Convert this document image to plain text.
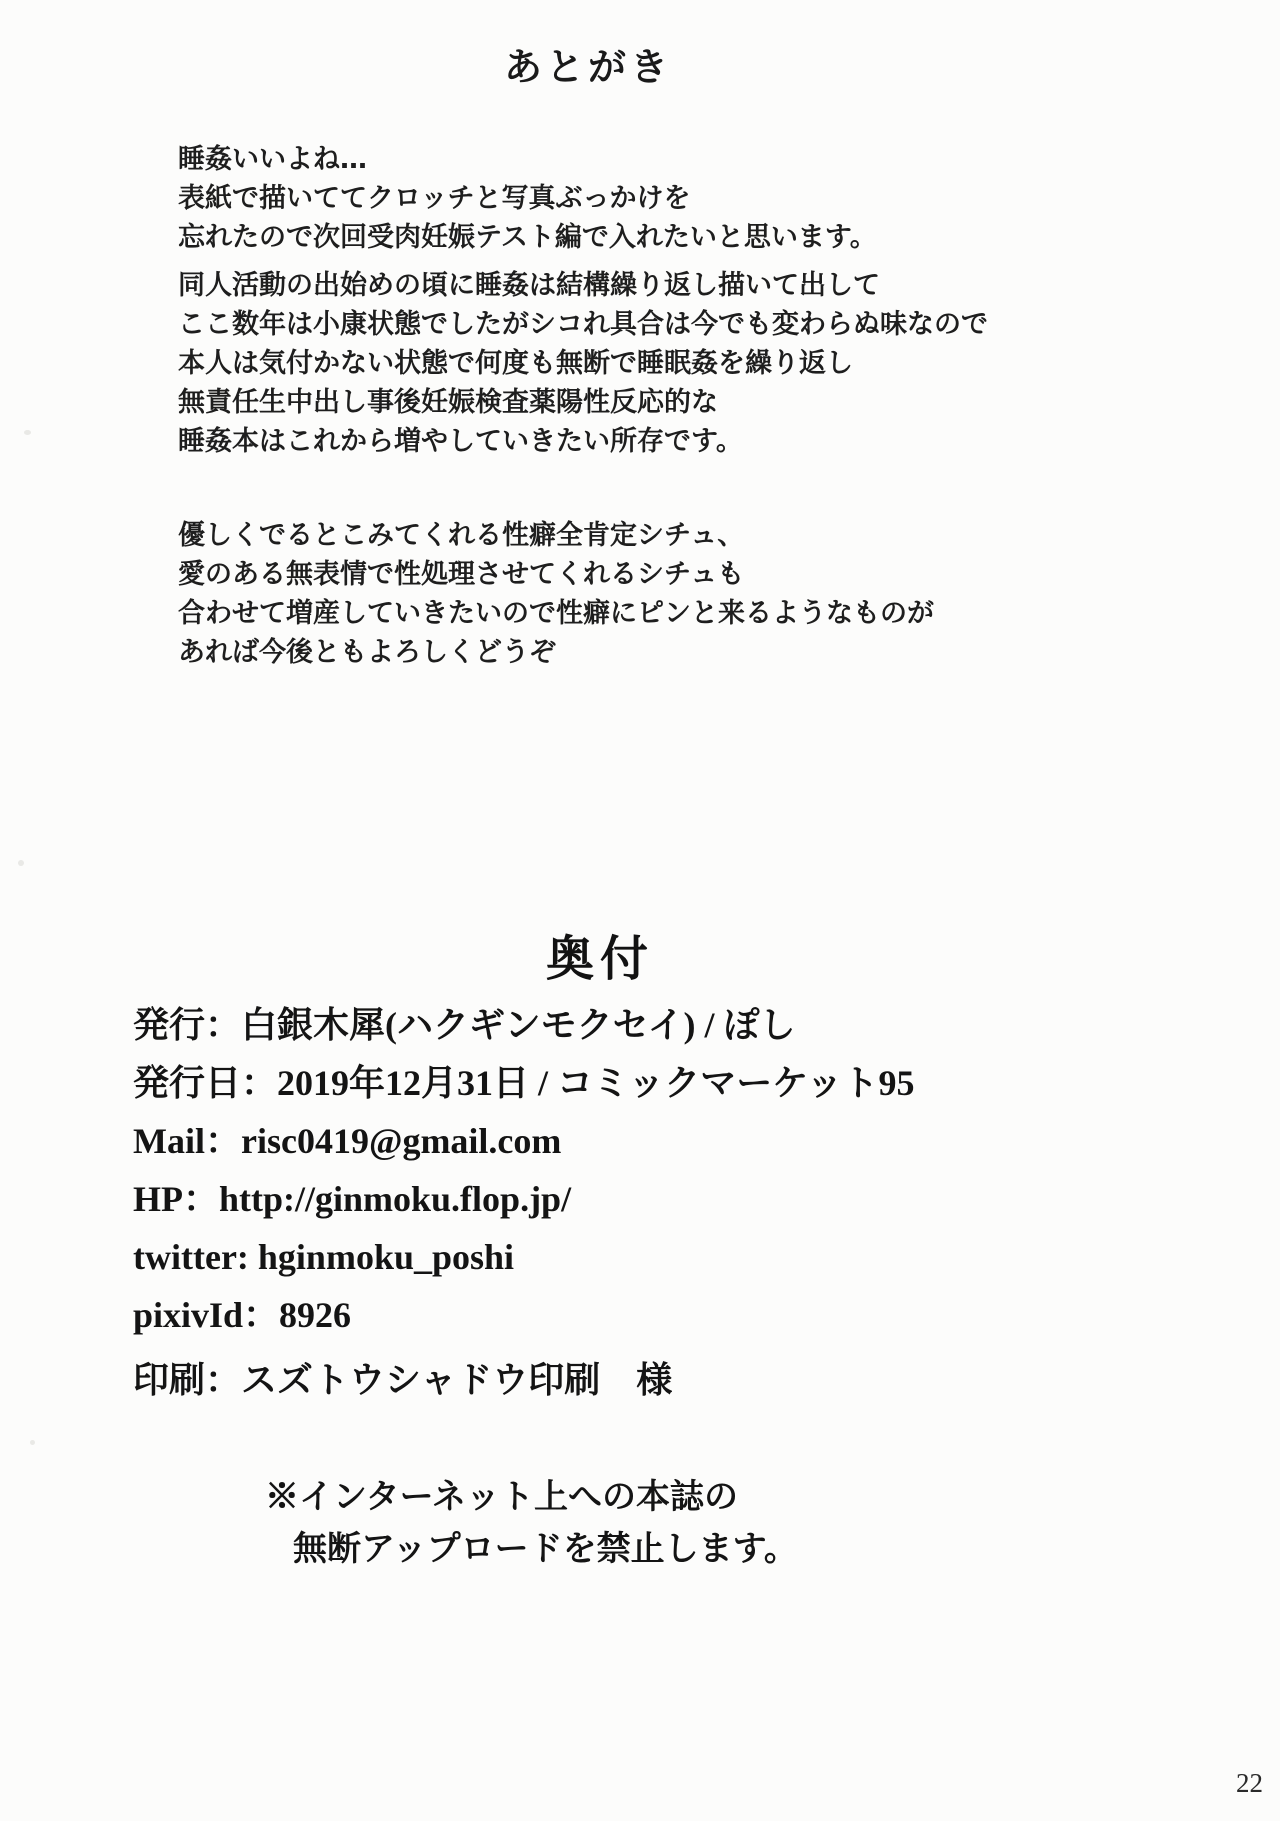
あとがき
睡姦いいよね…
表紙で描いててクロッチと写真ぶっかけを
忘れたので次回受肉妊娠テスト編で入れたいと思います。
同人活動の出始めの頃に睡姦は結構繰り返し描いて出して
ここ数年は小康状態でしたがシコれ具合は今でも変わらぬ味なので
本人は気付かない状態で何度も無断で睡眠姦を繰り返し
無責任生中出し事後妊娠検査薬陽性反応的な
睡姦本はこれから増やしていきたい所存です。
優しくでるとこみてくれる性癖全肯定シチュ、
愛のある無表情で性処理させてくれるシチュも
合わせて増産していきたいので性癖にピンと来るようなものが
あれば今後ともよろしくどうぞ
奥付
発行：白銀木犀(ハクギンモクセイ) / ぽし
発行日：2019年12月31日 / コミックマーケット95
Mail：risc0419@gmail.com
HP：http://ginmoku.flop.jp/
twitter: hginmoku_poshi
pixivId：8926
印刷：スズトウシャドウ印刷　様
※インターネット上への本誌の
無断アップロードを禁止します。
22
